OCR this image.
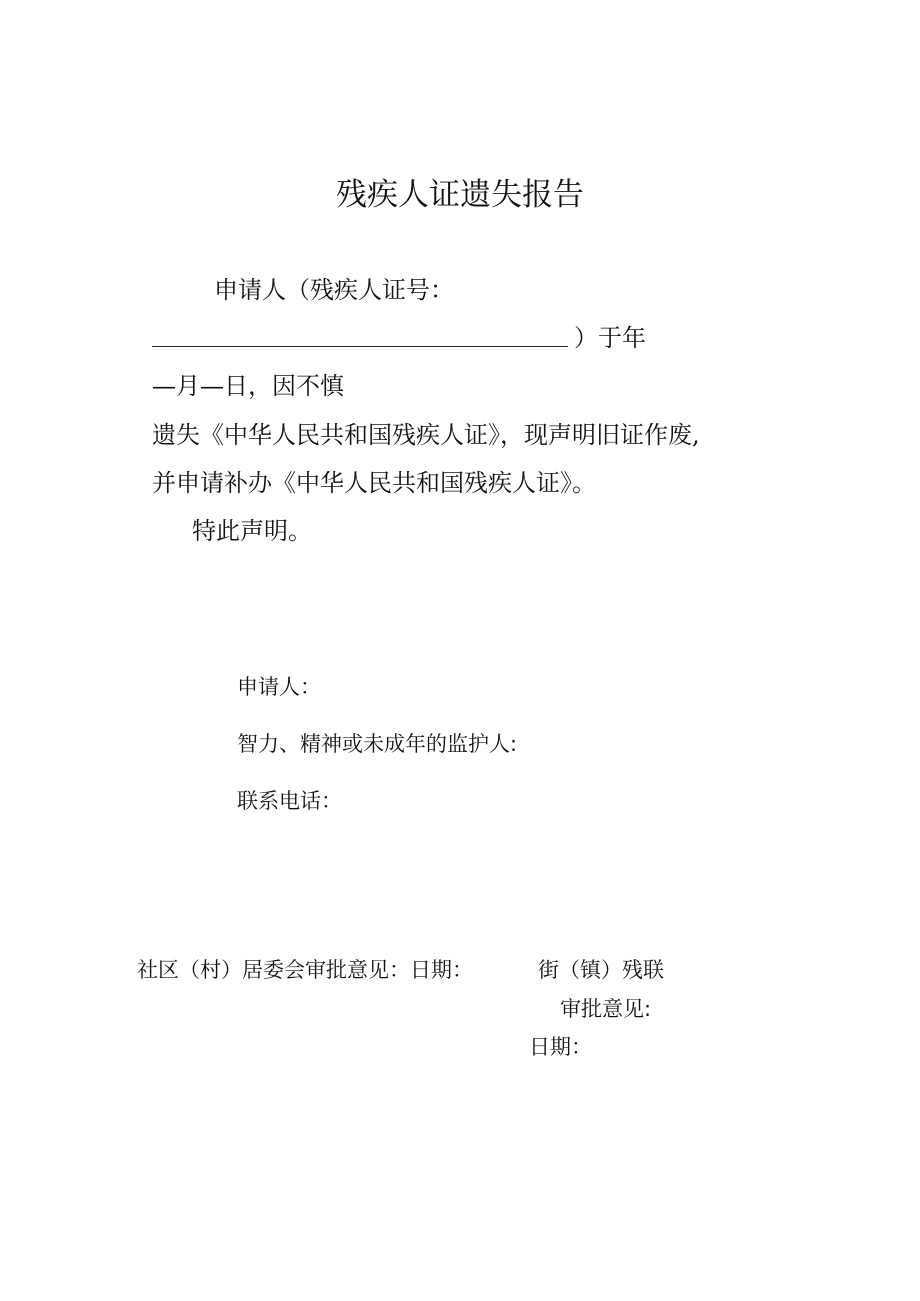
残疾人证遗失报告
申请人（残疾人证号：
）于年
—月—日，因不慎
遗失《中华人民共和国残疾人证》，现声明旧证作废,
并申请补办《中华人民共和国残疾人证》。
特此声明。
申请人：
智力、精神或未成年的监护人:
联系电话：
社区（村）居委会审批意见：日期：	街（镇）残联
审批意见:
日期：
